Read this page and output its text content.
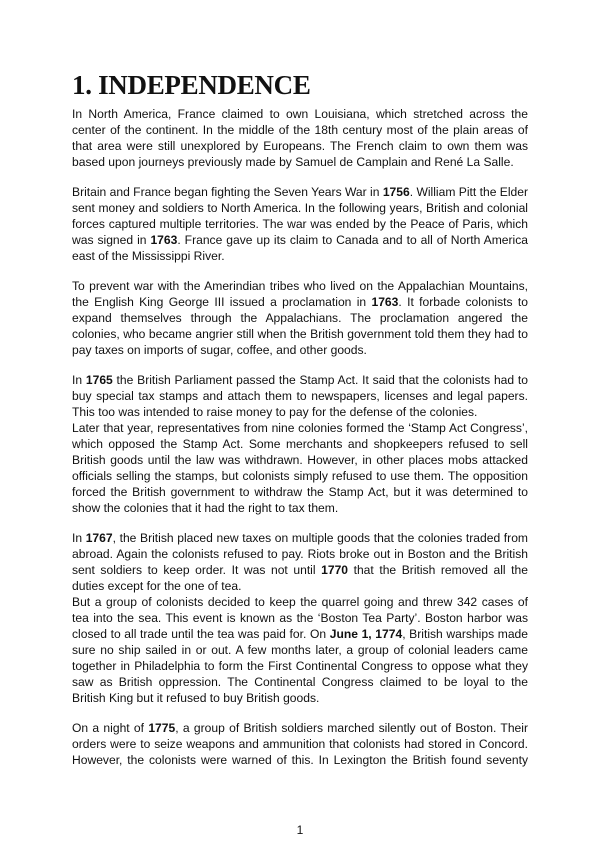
1. INDEPENDENCE

In North America, France claimed to own Louisiana, which stretched across the
center of the continent. In the middle of the 18th century most of the plain areas of
that area were still unexplored by Europeans. The French claim to own them was
based upon journeys previously made by Samuel de Camplain and René La Salle.

Britain and France began fighting the Seven Years War in 1756. William Pitt the Elder
sent money and soldiers to North America. In the following years, British and colonial
forces captured multiple territories. The war was ended by the Peace of Paris, which
was signed in 1763. France gave up its claim to Canada and to all of North America
east of the Mississippi River.

To prevent war with the Amerindian tribes who lived on the Appalachian Mountains,
the English King George III issued a proclamation in 1763. It forbade colonists to
expand themselves through the Appalachians. The proclamation angered the
colonies, who became angrier still when the British government told them they had to
pay taxes on imports of sugar, coffee, and other goods.

In 1765 the British Parliament passed the Stamp Act. It said that the colonists had to
buy special tax stamps and attach them to newspapers, licenses and legal papers.
This too was intended to raise money to pay for the defense of the colonies.

Later that year, representatives from nine colonies formed the ‘Stamp Act Congress’,
which opposed the Stamp Act. Some merchants and shopkeepers refused to sell
British goods until the law was withdrawn. However, in other places mobs attacked
officials selling the stamps, but colonists simply refused to use them. The opposition
forced the British government to withdraw the Stamp Act, but it was determined to
show the colonies that it had the right to tax them.

In 1767, the British placed new taxes on multiple goods that the colonies traded from
abroad. Again the colonists refused to pay. Riots broke out in Boston and the British
sent soldiers to keep order. It was not until 1770 that the British removed all the
duties except for the one of tea.

But a group of colonists decided to keep the quarrel going and threw 342 cases of
tea into the sea. This event is known as the ‘Boston Tea Party’. Boston harbor was
closed to all trade until the tea was paid for. On June 1, 1774, British warships made
sure no ship sailed in or out. A few months later, a group of colonial leaders came
together in Philadelphia to form the First Continental Congress to oppose what they
saw as British oppression. The Continental Congress claimed to be loyal to the
British King but it refused to buy British goods.

On a night of 1775, a group of British soldiers marched silently out of Boston. Their
orders were to seize weapons and ammunition that colonists had stored in Concord.
However, the colonists were warned of this. In Lexington the British found seventy

1
